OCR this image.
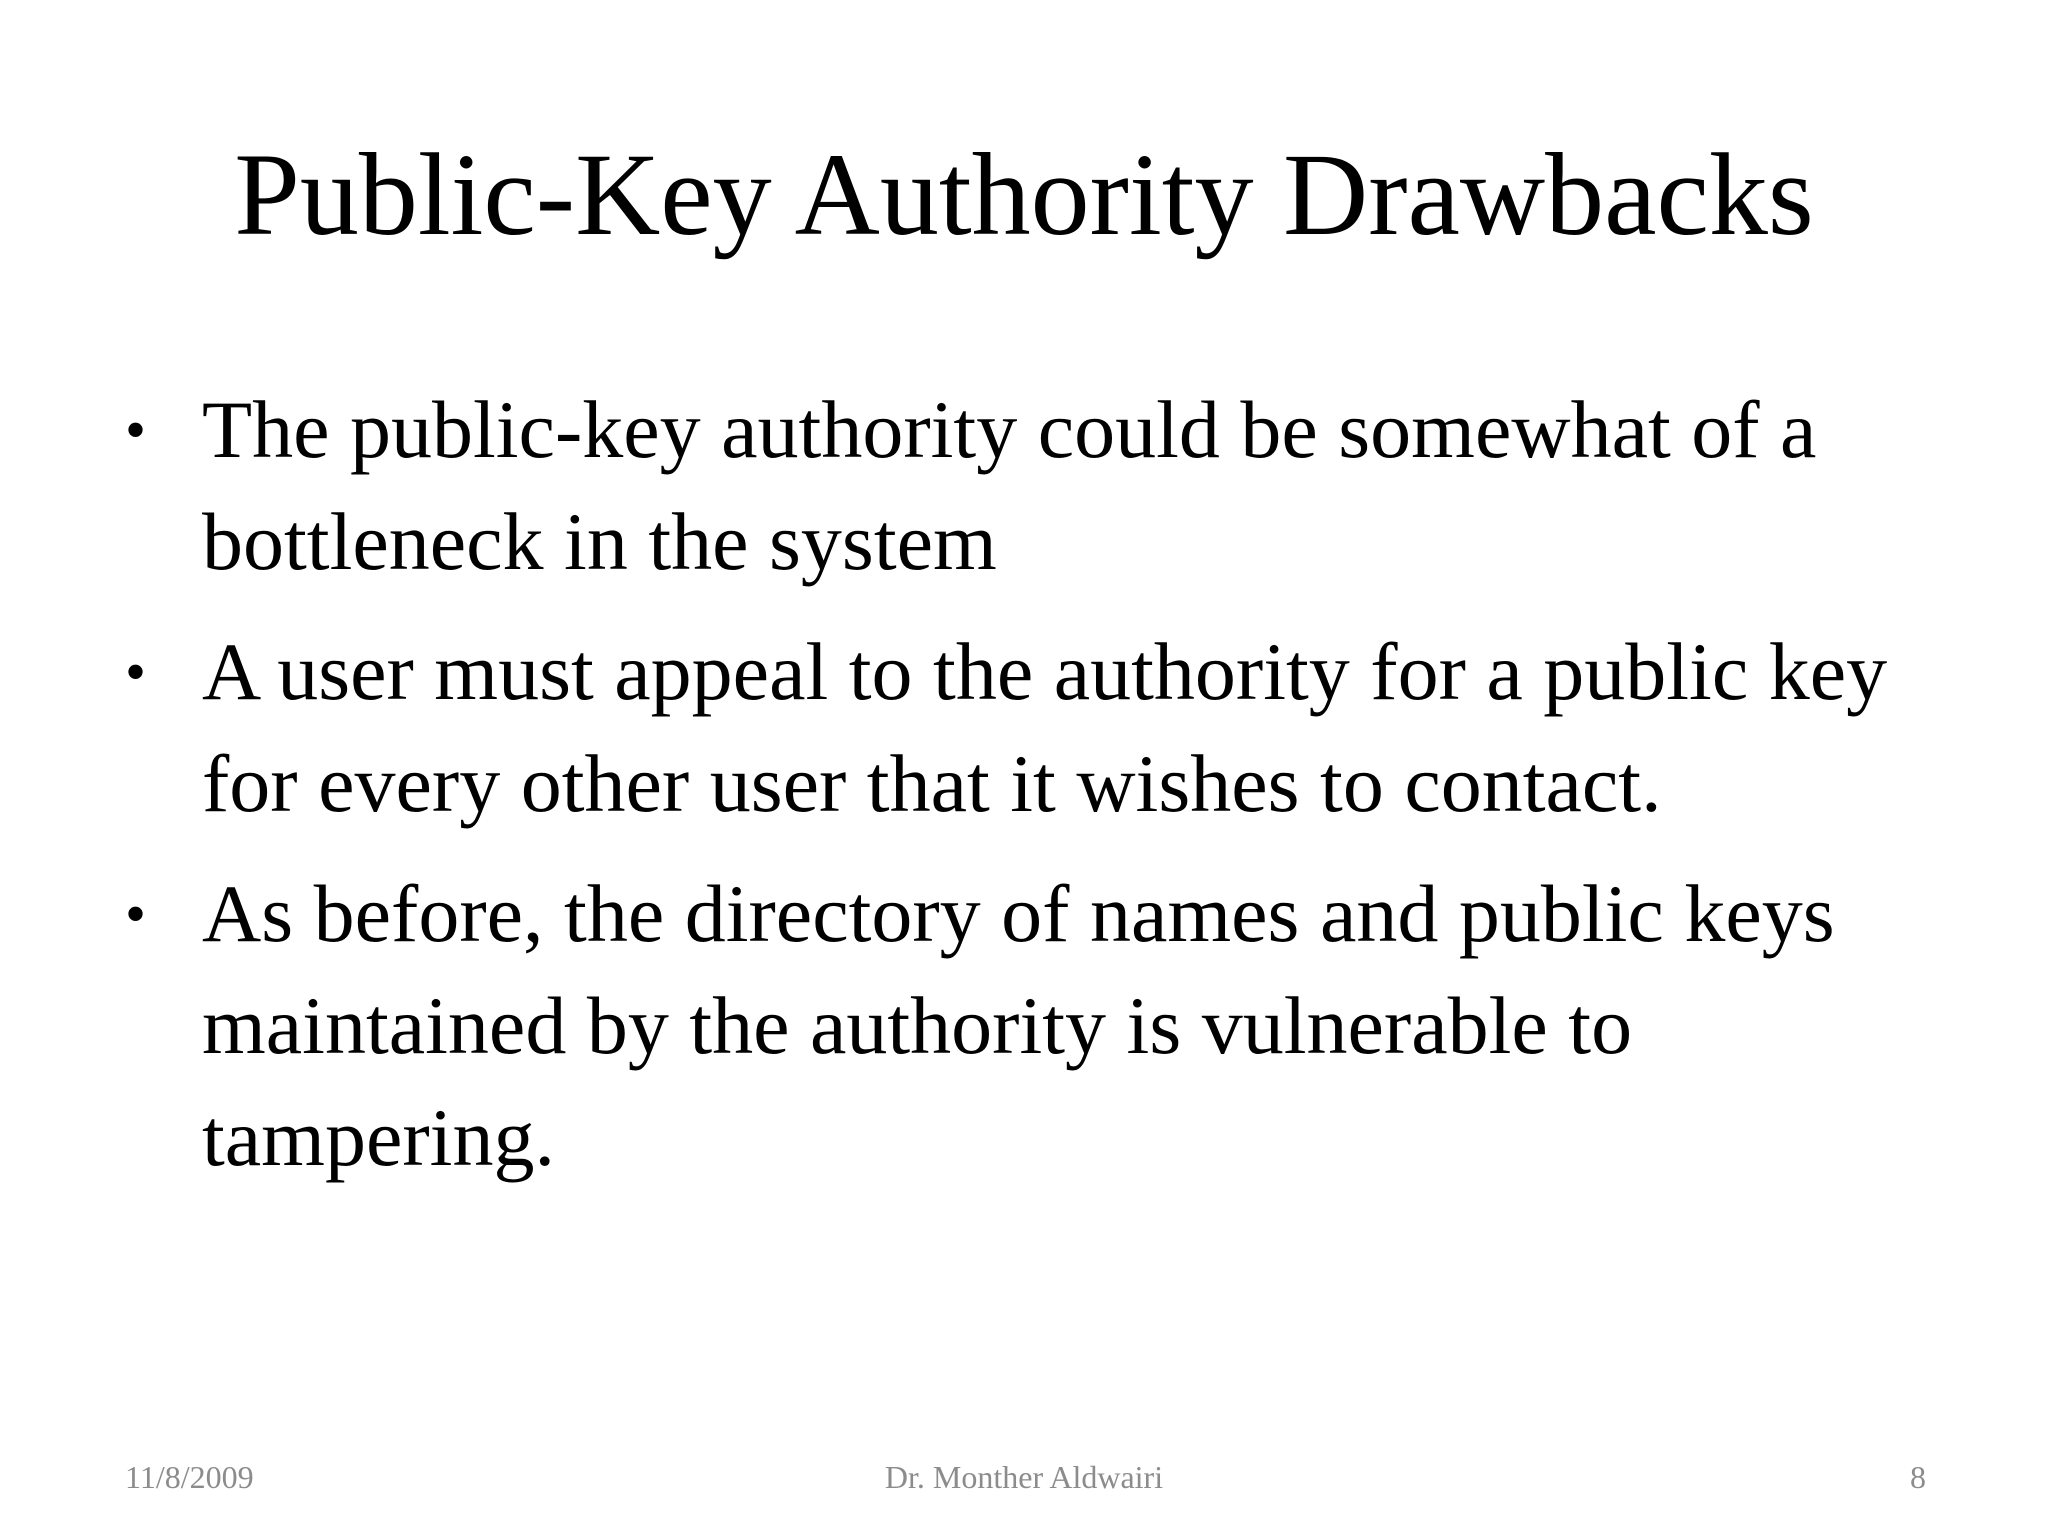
Public-Key Authority Drawbacks
• The public-key authority could be somewhat of a bottleneck in the system
• A user must appeal to the authority for a public key for every other user that it wishes to contact.
• As before, the directory of names and public keys maintained by the authority is vulnerable to tampering.
11/8/2009	Dr. Monther Aldwairi	8
